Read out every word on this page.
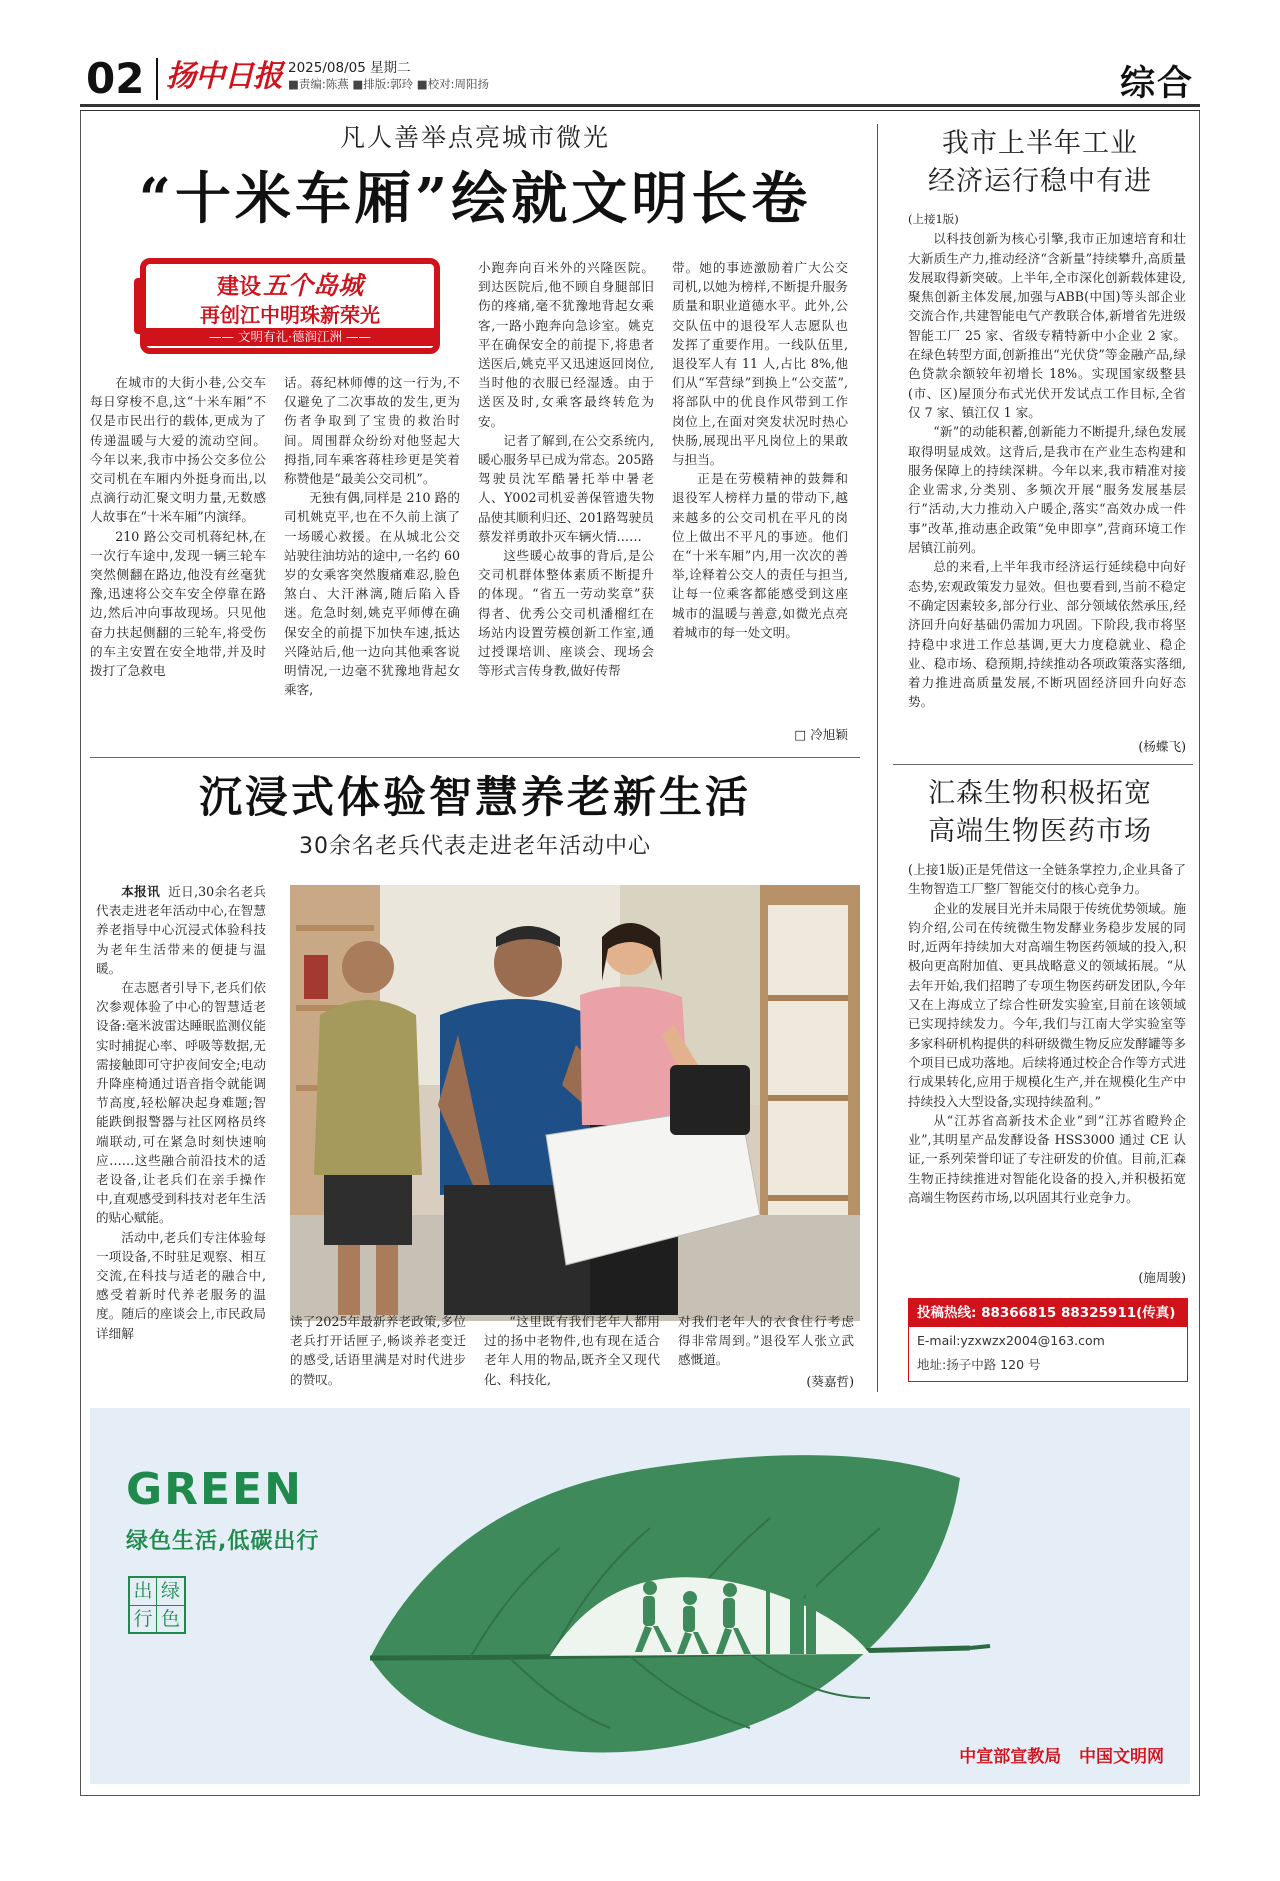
02 扬中日报 2025/08/05 星期二
■责编:陈燕 ■排版:郭玲 ■校对:周阳扬	综合
凡人善举点亮城市微光
“十米车厢”绘就文明长卷
建设五个岛城
再创江中明珠新荣光
—— 文明有礼·德润江洲 ——

在城市的大街小巷,公交车每日穿梭不息,这“十米车厢”不仅是市民出行的载体,更成为了传递温暖与大爱的流动空间。今年以来,我市中扬公交多位公交司机在车厢内外挺身而出,以点滴行动汇聚文明力量,无数感人故事在“十米车厢”内演绎。

210 路公交司机蒋纪林,在一次行车途中,发现一辆三轮车突然侧翻在路边,他没有丝毫犹豫,迅速将公交车安全停靠在路边,然后冲向事故现场。只见他奋力扶起侧翻的三轮车,将受伤的车主安置在安全地带,并及时拨打了急救电

话。蒋纪林师傅的这一行为,不仅避免了二次事故的发生,更为伤者争取到了宝贵的救治时间。周围群众纷纷对他竖起大拇指,同车乘客蒋桂珍更是笑着称赞他是“最美公交司机”。

无独有偶,同样是 210 路的司机姚克平,也在不久前上演了一场暖心救援。在从城北公交站驶往油坊站的途中,一名约 60 岁的女乘客突然腹痛难忍,脸色煞白、大汗淋漓,随后陷入昏迷。危急时刻,姚克平师傅在确保安全的前提下加快车速,抵达兴隆站后,他一边向其他乘客说明情况,一边毫不犹豫地背起女乘客,

小跑奔向百米外的兴隆医院。到达医院后,他不顾自身腿部旧伤的疼痛,毫不犹豫地背起女乘客,一路小跑奔向急诊室。姚克平在确保安全的前提下,将患者送医后,姚克平又迅速返回岗位,当时他的衣服已经湿透。由于送医及时,女乘客最终转危为安。

记者了解到,在公交系统内,暖心服务早已成为常态。205路驾驶员沈军酷暑托举中暑老人、Y002司机妥善保管遗失物品使其顺利归还、201路驾驶员蔡发祥勇敢扑灭车辆火情……

这些暖心故事的背后,是公交司机群体整体素质不断提升的体现。“省五一劳动奖章”获得者、优秀公交司机潘榴红在场站内设置劳模创新工作室,通过授课培训、座谈会、现场会等形式言传身教,做好传帮

带。她的事迹激励着广大公交司机,以她为榜样,不断提升服务质量和职业道德水平。此外,公交队伍中的退役军人志愿队也发挥了重要作用。一线队伍里,退役军人有 11 人,占比 8%,他们从“军营绿”到换上“公交蓝”,将部队中的优良作风带到工作岗位上,在面对突发状况时热心快肠,展现出平凡岗位上的果敢与担当。

正是在劳模精神的鼓舞和退役军人榜样力量的带动下,越来越多的公交司机在平凡的岗位上做出不平凡的事迹。他们在“十米车厢”内,用一次次的善举,诠释着公交人的责任与担当,让每一位乘客都能感受到这座城市的温暖与善意,如微光点亮着城市的每一处文明。

□ 冷旭颖
沉浸式体验智慧养老新生活
30余名老兵代表走进老年活动中心

本报讯 近日,30余名老兵代表走进老年活动中心,在智慧养老指导中心沉浸式体验科技为老年生活带来的便捷与温暖。

在志愿者引导下,老兵们依次参观体验了中心的智慧适老设备:毫米波雷达睡眠监测仪能实时捕捉心率、呼吸等数据,无需接触即可守护夜间安全;电动升降座椅通过语音指令就能调节高度,轻松解决起身难题;智能跌倒报警器与社区网格员终端联动,可在紧急时刻快速响应……这些融合前沿技术的适老设备,让老兵们在亲手操作中,直观感受到科技对老年生活的贴心赋能。

活动中,老兵们专注体验每一项设备,不时驻足观察、相互交流,在科技与适老的融合中,感受着新时代养老服务的温度。随后的座谈会上,市民政局详细解

读了2025年最新养老政策,多位老兵打开话匣子,畅谈养老变迁的感受,话语里满是对时代进步的赞叹。

“这里既有我们老年人都用过的扬中老物件,也有现在适合老年人用的物品,既齐全又现代化、科技化,

对我们老年人的衣食住行考虑得非常周到。”退役军人张立武感慨道。

(葵嘉哲)
我市上半年工业
经济运行稳中有进

(上接1版)

以科技创新为核心引擎,我市正加速培育和壮大新质生产力,推动经济“含新量”持续攀升,高质量发展取得新突破。上半年,全市深化创新载体建设,聚焦创新主体发展,加强与ABB(中国)等头部企业交流合作,共建智能电气产教联合体,新增省先进级智能工厂 25 家、省级专精特新中小企业 2 家。在绿色转型方面,创新推出“光伏贷”等金融产品,绿色贷款余额较年初增长 18%。实现国家级整县(市、区)屋顶分布式光伏开发试点工作目标,全省仅 7 家、镇江仅 1 家。

“新”的动能积蓄,创新能力不断提升,绿色发展取得明显成效。这背后,是我市在产业生态构建和服务保障上的持续深耕。今年以来,我市精准对接企业需求,分类别、多频次开展“服务发展基层行”活动,大力推动入户暖企,落实“高效办成一件事”改革,推动惠企政策“免申即享”,营商环境工作居镇江前列。

总的来看,上半年我市经济运行延续稳中向好态势,宏观政策发力显效。但也要看到,当前不稳定不确定因素较多,部分行业、部分领域依然承压,经济回升向好基础仍需加力巩固。下阶段,我市将坚持稳中求进工作总基调,更大力度稳就业、稳企业、稳市场、稳预期,持续推动各项政策落实落细,着力推进高质量发展,不断巩固经济回升向好态势。

(杨蝶飞)
汇森生物积极拓宽
高端生物医药市场

(上接1版)正是凭借这一全链条掌控力,企业具备了生物智造工厂整厂智能交付的核心竞争力。

企业的发展目光并未局限于传统优势领域。施钧介绍,公司在传统微生物发酵业务稳步发展的同时,近两年持续加大对高端生物医药领域的投入,积极向更高附加值、更具战略意义的领域拓展。“从去年开始,我们招聘了专项生物医药研发团队,今年又在上海成立了综合性研发实验室,目前在该领域已实现持续发力。今年,我们与江南大学实验室等多家科研机构提供的科研级微生物反应发酵罐等多个项目已成功落地。后续将通过校企合作等方式进行成果转化,应用于规模化生产,并在规模化生产中持续投入大型设备,实现持续盈利。”

从“江苏省高新技术企业”到“江苏省瞪羚企业”,其明星产品发酵设备 HSS3000 通过 CE 认证,一系列荣誉印证了专注研发的价值。目前,汇森生物正持续推进对智能化设备的投入,并积极拓宽高端生物医药市场,以巩固其行业竞争力。

(施周骏)
投稿热线: 88366815 88325911(传真)
E-mail:yzxwzx2004@163.com
地址:扬子中路 120 号
GREEN
绿色生活,低碳出行
出 绿
行 色
中宣部宣教局   中国文明网
